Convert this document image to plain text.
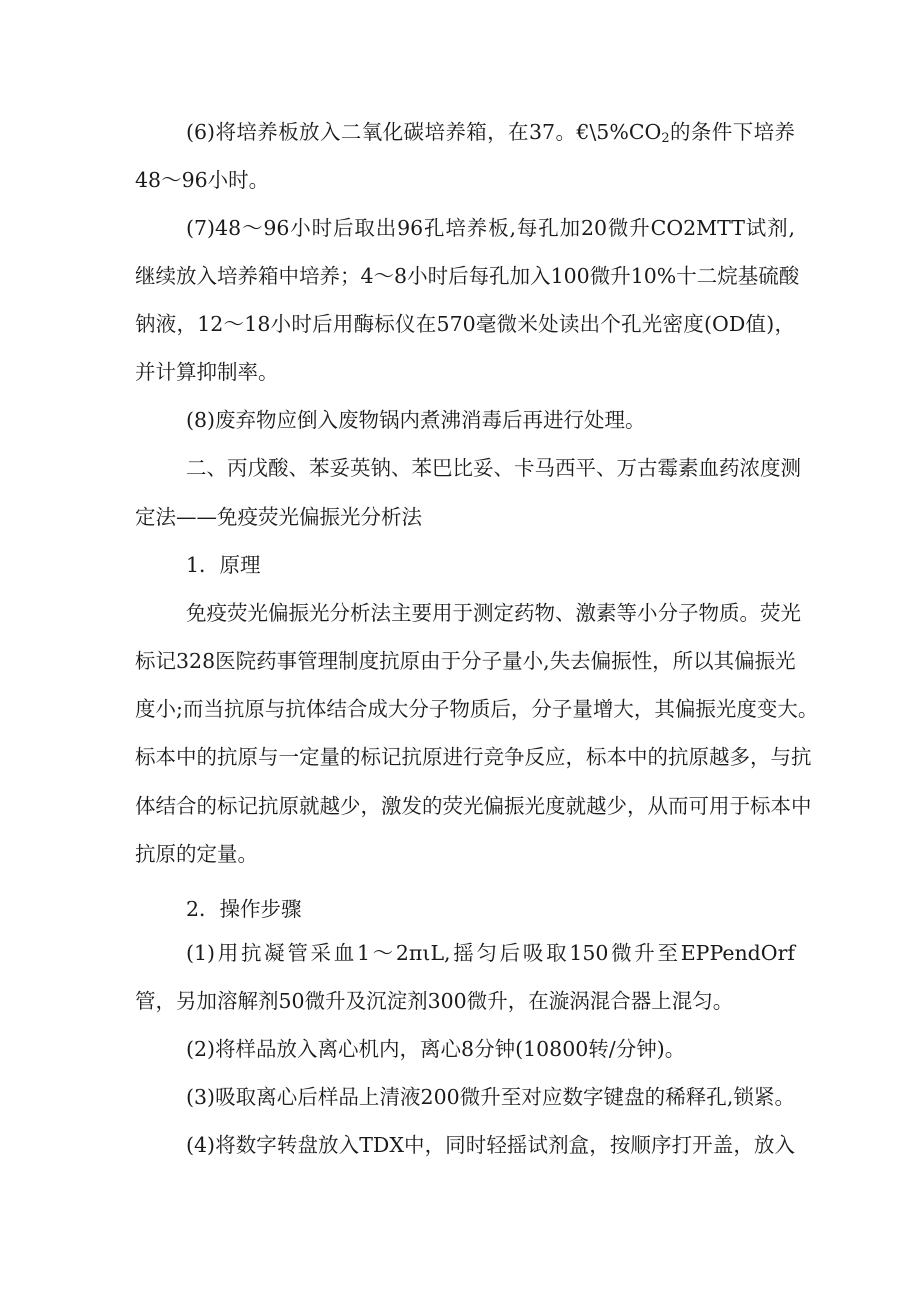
(6)将培养板放入二氧化碳培养箱，在37。$€\backslash 5\%CO_2$的条件下培养
48～96小时。
(7)48～96小时后取出96孔培养板,每孔加20微升CO2MTT试剂,
继续放入培养箱中培养；4～8小时后每孔加入100微升10%十二烷基硫酸
钠液，12～18小时后用酶标仪在570毫微米处读出个孔光密度(OD值)，
并计算抑制率。
(8)废弃物应倒入废物锅内煮沸消毒后再进行处理。
二、丙戊酸、苯妥英钠、苯巴比妥、卡马西平、万古霉素血药浓度测
定法——免疫荧光偏振光分析法
1．原理
免疫荧光偏振光分析法主要用于测定药物、激素等小分子物质。荧光
标记328医院药事管理制度抗原由于分子量小,失去偏振性，所以其偏振光
度小;而当抗原与抗体结合成大分子物质后，分子量增大，其偏振光度变大。
标本中的抗原与一定量的标记抗原进行竞争反应，标本中的抗原越多，与抗
体结合的标记抗原就越少，激发的荧光偏振光度就越少，从而可用于标本中
抗原的定量。
2．操作步骤
(1)用抗凝管采血1～2πιL,摇匀后吸取150微升至EPPendOrf
管，另加溶解剂50微升及沉淀剂300微升，在漩涡混合器上混匀。
(2)将样品放入离心机内，离心8分钟(10800转/分钟)。
(3)吸取离心后样品上清液200微升至对应数字键盘的稀释孔,锁紧。
(4)将数字转盘放入TDX中，同时轻摇试剂盒，按顺序打开盖，放入
